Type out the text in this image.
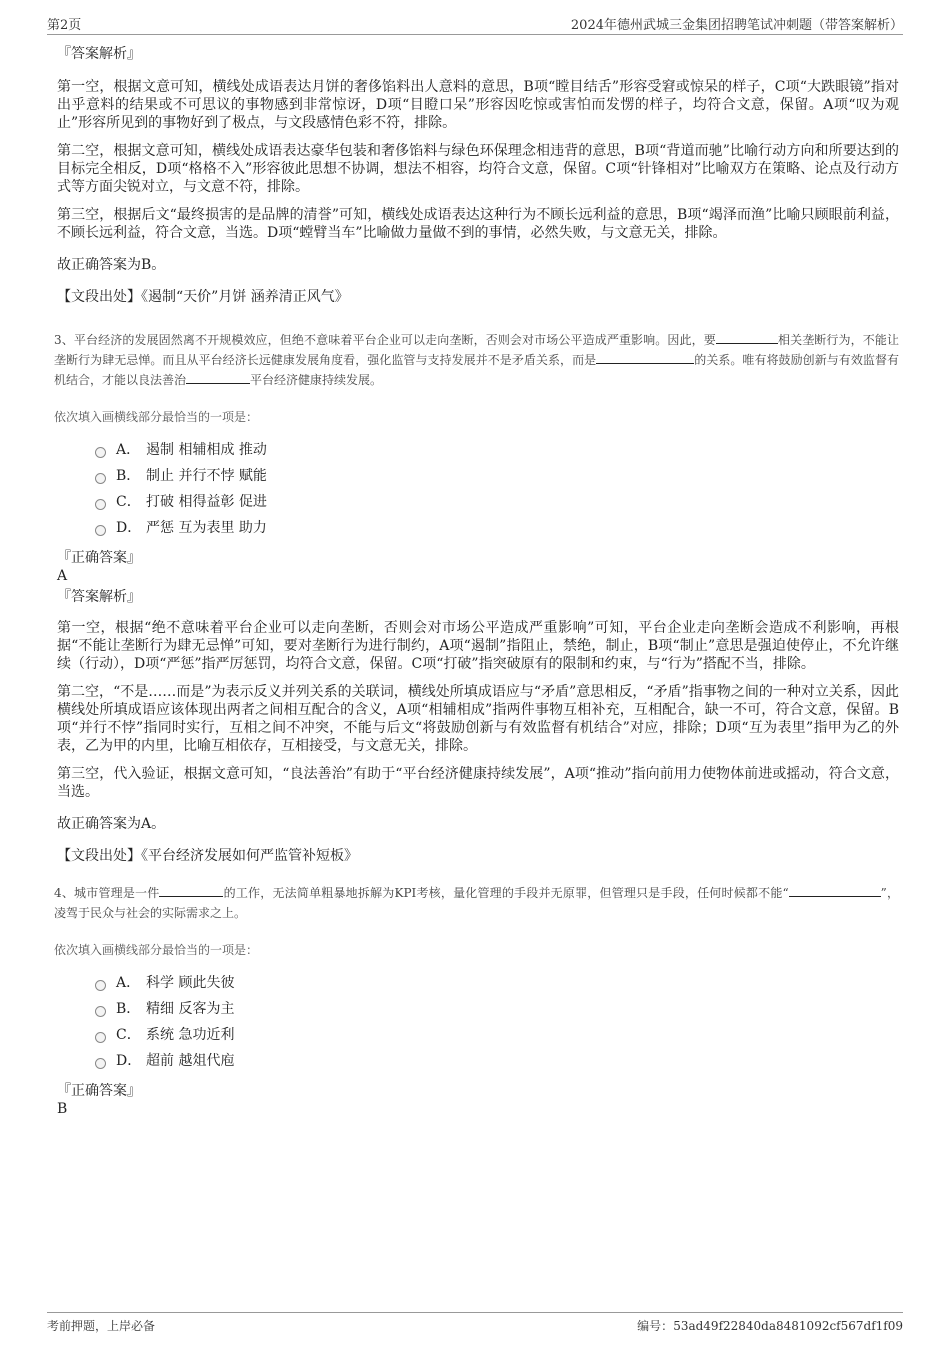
第2页	2024年德州武城三金集团招聘笔试冲刺题（带答案解析）
『答案解析』

第一空，根据文意可知，横线处成语表达月饼的奢侈馅料出人意料的意思，B项“瞠目结舌”形容受窘或惊呆的样子，C项“大跌眼镜”指对出乎意料的结果或不可思议的事物感到非常惊讶，D项“目瞪口呆”形容因吃惊或害怕而发愣的样子，均符合文意，保留。A项“叹为观止”形容所见到的事物好到了极点，与文段感情色彩不符，排除。

第二空，根据文意可知，横线处成语表达豪华包装和奢侈馅料与绿色环保理念相违背的意思，B项“背道而驰”比喻行动方向和所要达到的目标完全相反，D项“格格不入”形容彼此思想不协调，想法不相容，均符合文意，保留。C项“针锋相对”比喻双方在策略、论点及行动方式等方面尖锐对立，与文意不符，排除。

第三空，根据后文“最终损害的是品牌的清誉”可知，横线处成语表达这种行为不顾长远利益的意思，B项“竭泽而渔”比喻只顾眼前利益，不顾长远利益，符合文意，当选。D项“螳臂当车”比喻做力量做不到的事情，必然失败，与文意无关，排除。

故正确答案为B。

【文段出处】《遏制“天价”月饼 涵养清正风气》

3、平台经济的发展固然离不开规模效应，但绝不意味着平台企业可以走向垄断，否则会对市场公平造成严重影响。因此，要	相关垄断行为，不能让垄断行为肆无忌惮。而且从平台经济长远健康发展角度看，强化监管与支持发展并不是矛盾关系，而是	的关系。唯有将鼓励创新与有效监督有机结合，才能以良法善治	平台经济健康持续发展。
依次填入画横线部分最恰当的一项是：
A． 遏制 相辅相成 推动
B． 制止 并行不悖 赋能
C． 打破 相得益彰 促进
D． 严惩 互为表里 助力
『正确答案』
A
『答案解析』

第一空，根据“绝不意味着平台企业可以走向垄断，否则会对市场公平造成严重影响”可知，平台企业走向垄断会造成不利影响，再根据“不能让垄断行为肆无忌惮”可知，要对垄断行为进行制约，A项“遏制”指阻止，禁绝，制止，B项“制止”意思是强迫使停止，不允许继续（行动），D项“严惩”指严厉惩罚，均符合文意，保留。C项“打破”指突破原有的限制和约束，与“行为”搭配不当，排除。

第二空，“不是……而是”为表示反义并列关系的关联词，横线处所填成语应与“矛盾”意思相反，“矛盾”指事物之间的一种对立关系，因此横线处所填成语应该体现出两者之间相互配合的含义，A项“相辅相成”指两件事物互相补充，互相配合，缺一不可，符合文意，保留。B项“并行不悖”指同时实行，互相之间不冲突，不能与后文“将鼓励创新与有效监督有机结合”对应，排除；D项“互为表里”指甲为乙的外表，乙为甲的内里，比喻互相依存，互相接受，与文意无关，排除。

第三空，代入验证，根据文意可知，“良法善治”有助于“平台经济健康持续发展”，A项“推动”指向前用力使物体前进或摇动，符合文意，当选。

故正确答案为A。

【文段出处】《平台经济发展如何严监管补短板》

4、城市管理是一件	的工作，无法简单粗暴地拆解为KPI考核，量化管理的手段并无原罪，但管理只是手段，任何时候都不能“	”，凌驾于民众与社会的实际需求之上。
依次填入画横线部分最恰当的一项是：
A． 科学 顾此失彼
B． 精细 反客为主
C． 系统 急功近利
D． 超前 越俎代庖
『正确答案』
B
考前押题，上岸必备	编号：53ad49f22840da8481092cf567df1f09
